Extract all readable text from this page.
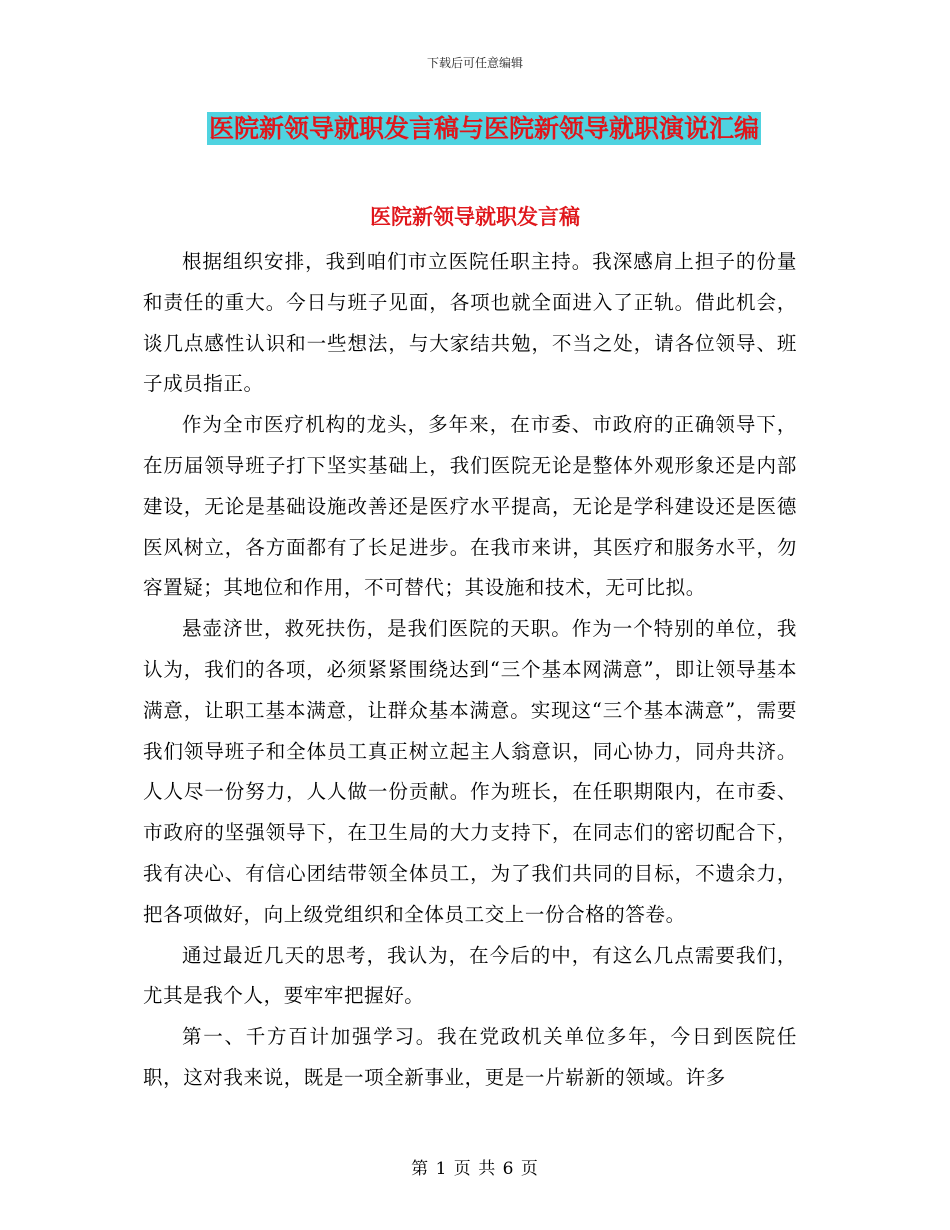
下载后可任意编辑
医院新领导就职发言稿与医院新领导就职演说汇编
医院新领导就职发言稿

根据组织安排，我到咱们市立医院任职主持。我深感肩上担子的份量和责任的重大。今日与班子见面，各项也就全面进入了正轨。借此机会，谈几点感性认识和一些想法，与大家结共勉，不当之处，请各位领导、班子成员指正。

作为全市医疗机构的龙头，多年来，在市委、市政府的正确领导下，在历届领导班子打下坚实基础上，我们医院无论是整体外观形象还是内部建设，无论是基础设施改善还是医疗水平提高，无论是学科建设还是医德医风树立，各方面都有了长足进步。在我市来讲，其医疗和服务水平，勿容置疑；其地位和作用，不可替代；其设施和技术，无可比拟。

悬壶济世，救死扶伤，是我们医院的天职。作为一个特别的单位，我认为，我们的各项，必须紧紧围绕达到“三个基本网满意”，即让领导基本满意，让职工基本满意，让群众基本满意。实现这“三个基本满意”，需要我们领导班子和全体员工真正树立起主人翁意识，同心协力，同舟共济。人人尽一份努力，人人做一份贡献。作为班长，在任职期限内，在市委、市政府的坚强领导下，在卫生局的大力支持下，在同志们的密切配合下，我有决心、有信心团结带领全体员工，为了我们共同的目标，不遗余力，把各项做好，向上级党组织和全体员工交上一份合格的答卷。

通过最近几天的思考，我认为，在今后的中，有这么几点需要我们，尤其是我个人，要牢牢把握好。

第一、千方百计加强学习。我在党政机关单位多年，今日到医院任职，这对我来说，既是一项全新事业，更是一片崭新的领域。许多

第 1 页 共 6 页
